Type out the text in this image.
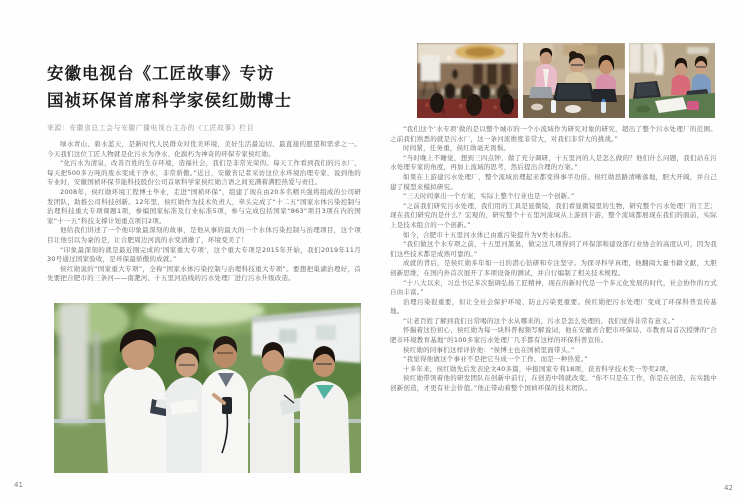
安徽电视台《工匠故事》专访
国祯环保首席科学家侯红勋博士
来源：安徽省总工会与安徽广播电视台主办的《工匠故事》栏目

绿水青山、碧水蓝天，是新时代人民群众对优美环境、美好生活最迫切、最直接的愿望和需求之一。今天我们这位工匠人物就是化污水为净水、化腐朽为神奇的环保专家侯红勋。

“化污水为清泉，改善百姓的生存环境，造福社会，我们是非常光荣的。每天工作看到我们的污水厂，每天把500多万吨的废水变成干净水，非常骄傲。”近日，安徽省记者采访这位水环境治理专家，说到他的专业时，安徽国祯环保节能科技股份公司首席科学家侯红勋言语之间充满着满腔热爱与责任。

2008年，侯红勋环境工程博士毕业，走进“国祯环保”，组建了现在由20多名精兵强将组成的公司研发团队，助推公司科技创新。12年里，侯红勋作为技术负责人，牵头完成了“十二五”国家水体污染控制与治理科技重大专项课题1项，参编国家标准及行业标准5项，参与完成包括国家“863”项目3项在内的国家“十一五”科技支撑计划重点项目2项。

他给我们讲述了一个他印象最深刻的故事，是他从事的最大的一个水体污染控制与治理项目，这个项目让他引以为豪的是，让合肥周边河流的水变清澈了，环境变美了！

“印象最深刻的就是最近刚完成的‘国家重大专项’，这个重大专项是2015年开始，我们2019年11月30号通过国家验收，是环保最骄傲的成就。”

侯红勋说的“国家重大专项”，全称“国家水体污染控制与治理科技重大专项”。要想把巢湖治理好，首先要把合肥市的三条河——南淝河、十五里河沿线的污水处理厂进行污水升级改造。

41

“我们这个‘水专项’做的是以整个城市的一个小流域作为研究对象的研究，超出了整个污水处理厂的范围。之前我们熟悉的就是污水厂，这一条河流维度非常大，对我们非常大的挑战。”

时间紧，任务重，侯红勋毫无畏惧。

“当时晚上不睡觉，想到三四点钟，做了充分调研，十五里河的人是怎么做的？他们什么问题，我们站在污水处理专家的角度，再加上流域的思考，然后提出合理的方案。”

如果在上游建污水处理厂，整个流域治理起来都变得事半功倍。侯红勋思路清晰落地，胆大开阔，并自己建了模型来模拟研究。

“三天时间拿出一个方案，实际上整个行业也是一个创新。”

“之前我们研究污水处理，我们用的工具是显微镜，我们看显微镜里的生物，研究整个污水处理厂的工艺；现在我们研究的是什么？宏观的，研究整个十五里河流域从上游到下游，整个流域都展现在我们的面前，实际上是技术组合的一个创新。”

如今，合肥市十五里河水体已由重污染提升为Ⅴ类水标准。

“我们做这个水专项之前，十五里河黑臭，做完这几项得到了环保部和建设部行业协会的高度认可，因为我们这些技术都是成熟可靠的。”

成就的背后，是侯红勋多年如一日的潜心钻研和专注坚守。为探寻科学真理，他翻阅大量书籍文献，大胆创新思维，在国内外首次展开了多项设备的测试，并自行编制了相关技术规程。

“十八大以来，习总书记多次强调弘扬工匠精神，现在的新时代是一个多元化发展的时代，社会协作的方式自由丰富。”

治理污染很重要，但让全社会保护环境、防止污染更重要。侯红勋把污水处理厂变成了环保科普宣传基地。

“让老百姓了解到我们日常喝的这个水从哪来的，污水是怎么处理的，我们觉得非常有意义。”

怀揣着这份初心，侯红勋为每一块科普视频写解说词，他在安徽省合肥市环保局、市教育局首次授牌的“合肥市环境教育基地”的100多家污水处理厂几乎都有这样的环保科普宣传。

侯红勋的同事们这样评价他：“侯博士也在国祯里面带头。”

“我觉得他做这个事业不是把它当成一个工作，而是一种热爱。”

十多年来，侯红勋先后发表论文40多篇，申报国家专利18项，获省科学技术奖一等奖2项。

侯红勋带领着他的研发团队在创新中前行，在创造中铸就改变。“你不只是在工作，你是在创造，在实践中创新创造，才更有社会价值。”他正带动着整个国祯环保的技术团队。

42
